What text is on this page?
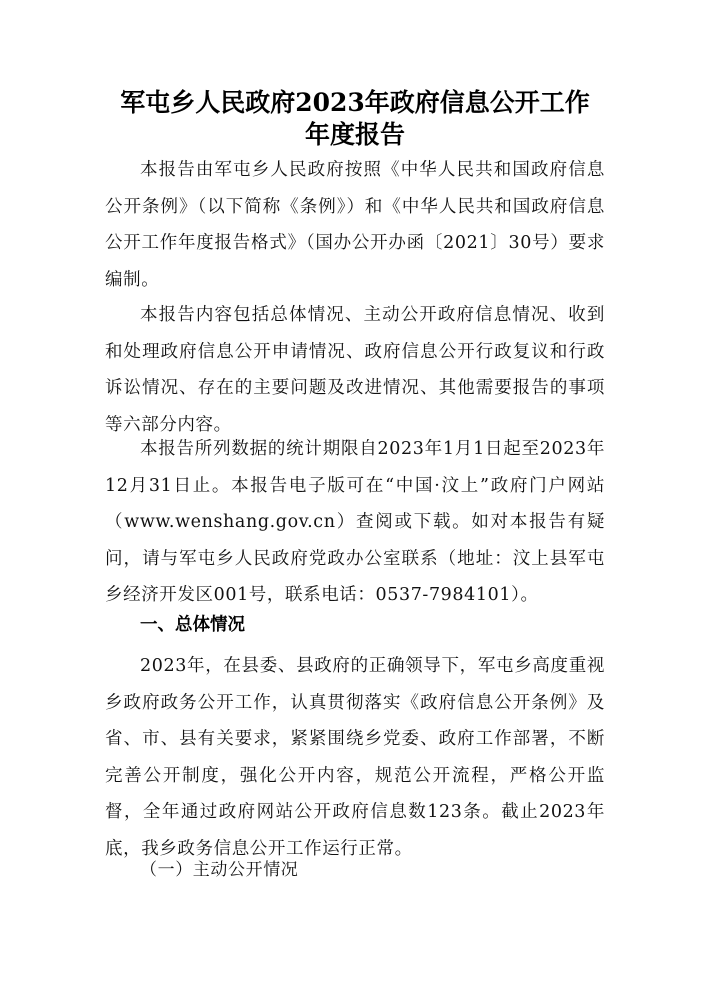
军屯乡人民政府2023年政府信息公开工作
年度报告

本报告由军屯乡人民政府按照《中华人民共和国政府信息公开条例》（以下简称《条例》）和《中华人民共和国政府信息公开工作年度报告格式》（国办公开办函〔2021〕30号）要求编制。

本报告内容包括总体情况、主动公开政府信息情况、收到和处理政府信息公开申请情况、政府信息公开行政复议和行政诉讼情况、存在的主要问题及改进情况、其他需要报告的事项等六部分内容。

本报告所列数据的统计期限自2023年1月1日起至2023年12月31日止。本报告电子版可在“中国·汶上”政府门户网站（www.wenshang.gov.cn）查阅或下载。如对本报告有疑问，请与军屯乡人民政府党政办公室联系（地址：汶上县军屯乡经济开发区001号，联系电话：0537-7984101）。

一、总体情况

2023年，在县委、县政府的正确领导下，军屯乡高度重视乡政府政务公开工作，认真贯彻落实《政府信息公开条例》及省、市、县有关要求，紧紧围绕乡党委、政府工作部署，不断完善公开制度，强化公开内容，规范公开流程，严格公开监督，全年通过政府网站公开政府信息数123条。截止2023年底，我乡政务信息公开工作运行正常。

（一）主动公开情况
